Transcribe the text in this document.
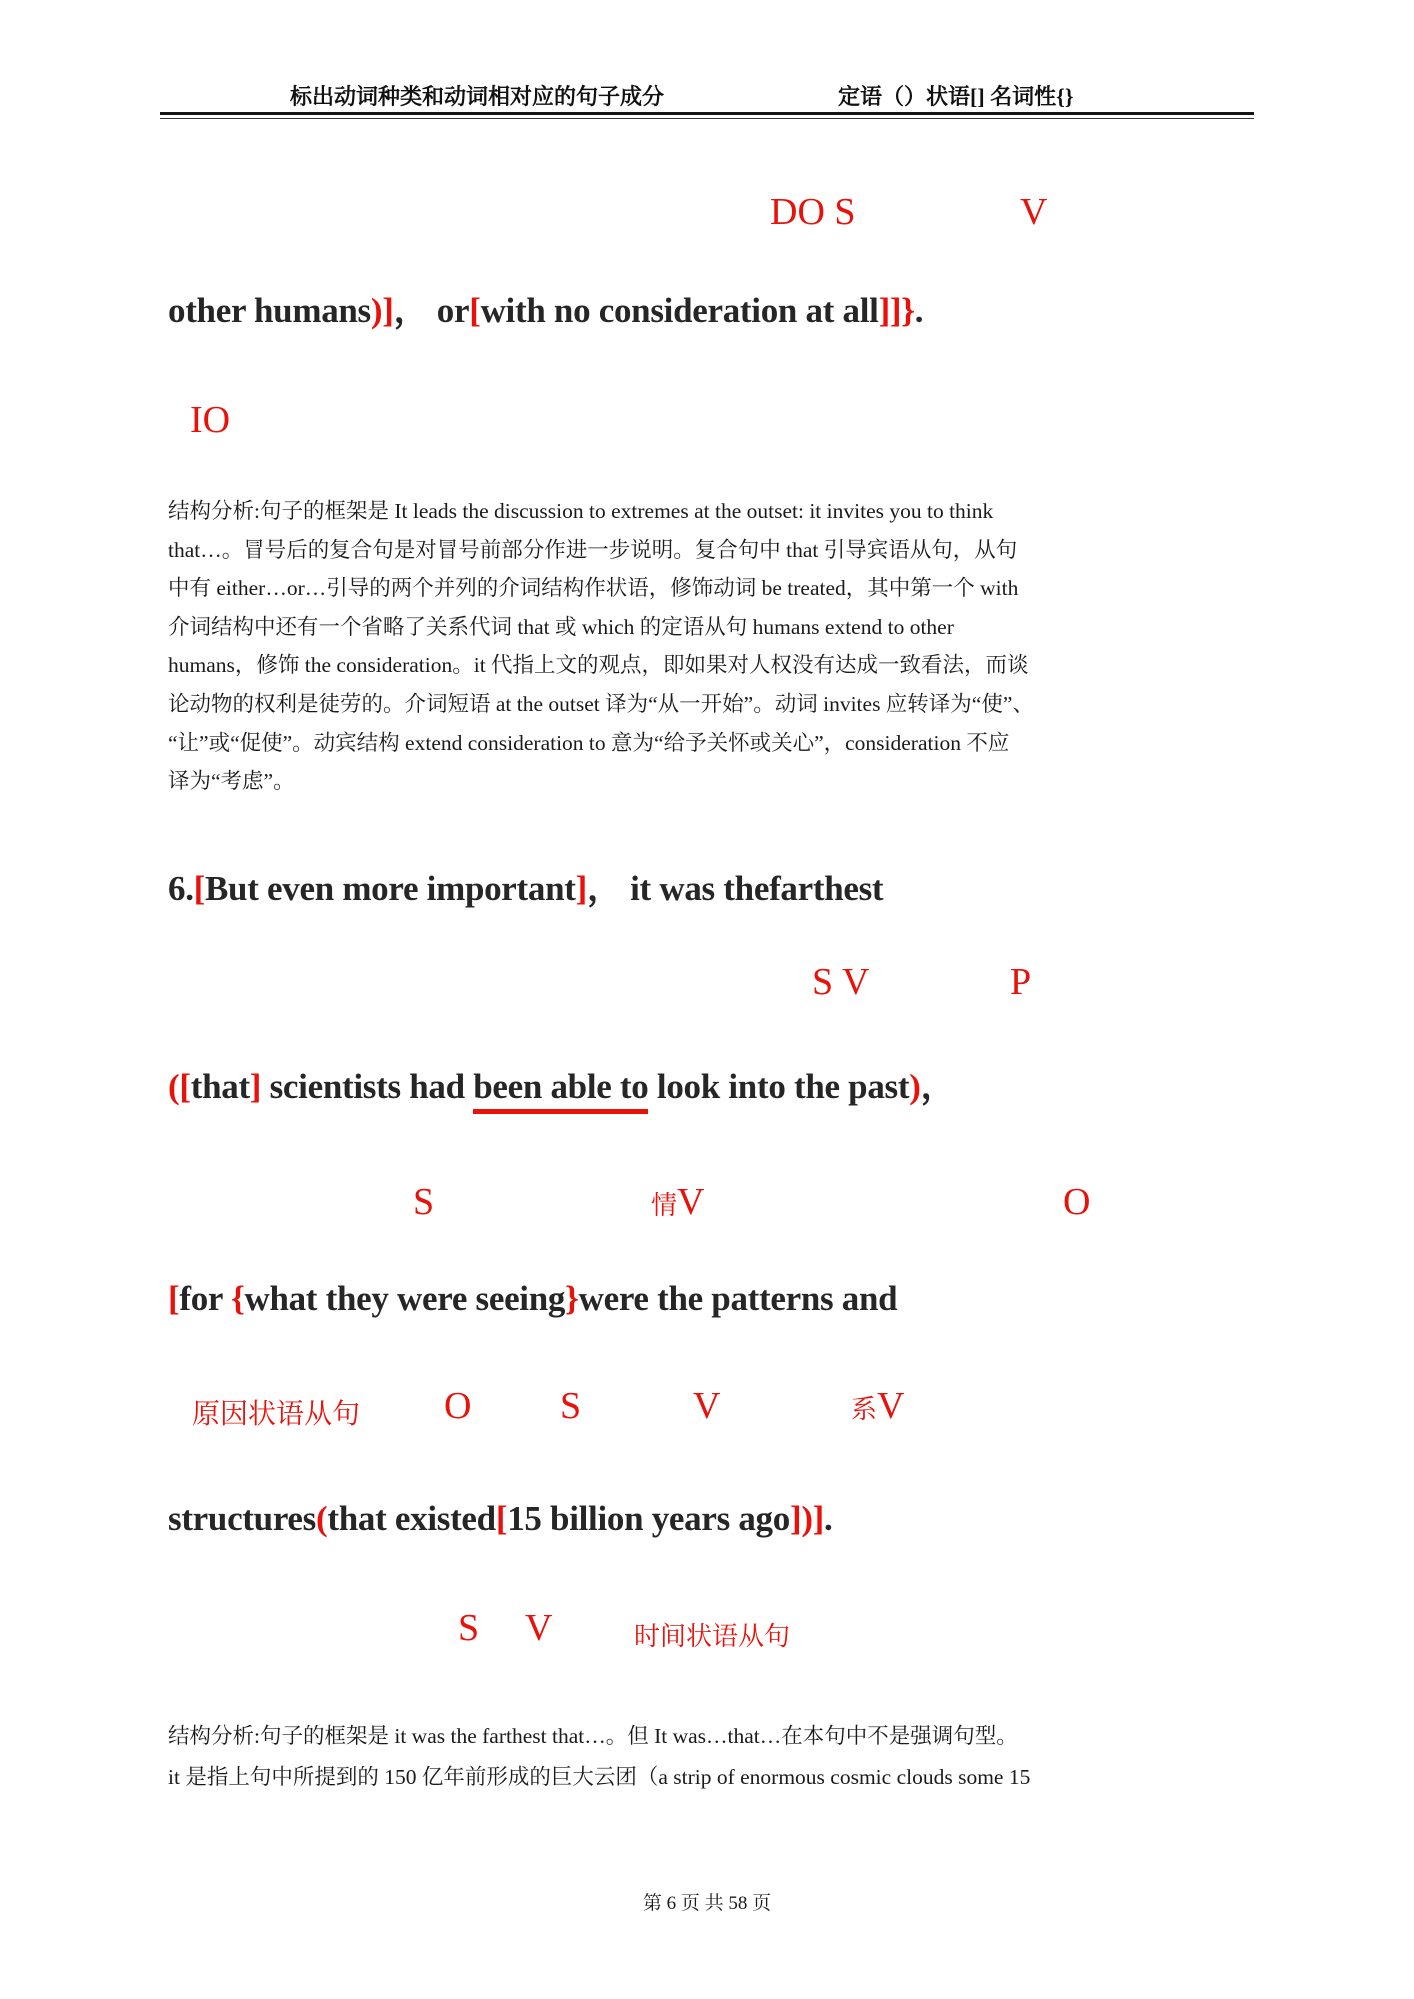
标出动词种类和动词相对应的句子成分	定语（）状语[] 名词性{}
DO S	V
other humans)]， or[with no consideration at all]]}.
IO
结构分析:句子的框架是 It leads the discussion to extremes at the outset: it invites you to think
that…。冒号后的复合句是对冒号前部分作进一步说明。复合句中 that 引导宾语从句，从句
中有 either…or…引导的两个并列的介词结构作状语，修饰动词 be treated，其中第一个 with
介词结构中还有一个省略了关系代词 that 或 which 的定语从句 humans extend to other
humans，修饰 the consideration。it 代指上文的观点，即如果对人权没有达成一致看法，而谈
论动物的权利是徒劳的。介词短语 at the outset 译为“从一开始”。动词 invites 应转译为“使”、
“让”或“促使”。动宾结构 extend consideration to 意为“给予关怀或关心”，consideration 不应
译为“考虑”。
6.[But even more important]， it was thefarthest
S V	P
([that] scientists had been able to look into the past)，
S	情V	O
[for {what they were seeing}were the patterns and
原因状语从句 O S	V	系V
structures(that existed[15 billion years ago])].
S V	时间状语从句
结构分析:句子的框架是 it was the farthest that…。但 It was…that…在本句中不是强调句型。
it 是指上句中所提到的 150 亿年前形成的巨大云团（a strip of enormous cosmic clouds some 15
第 6 页 共 58 页
